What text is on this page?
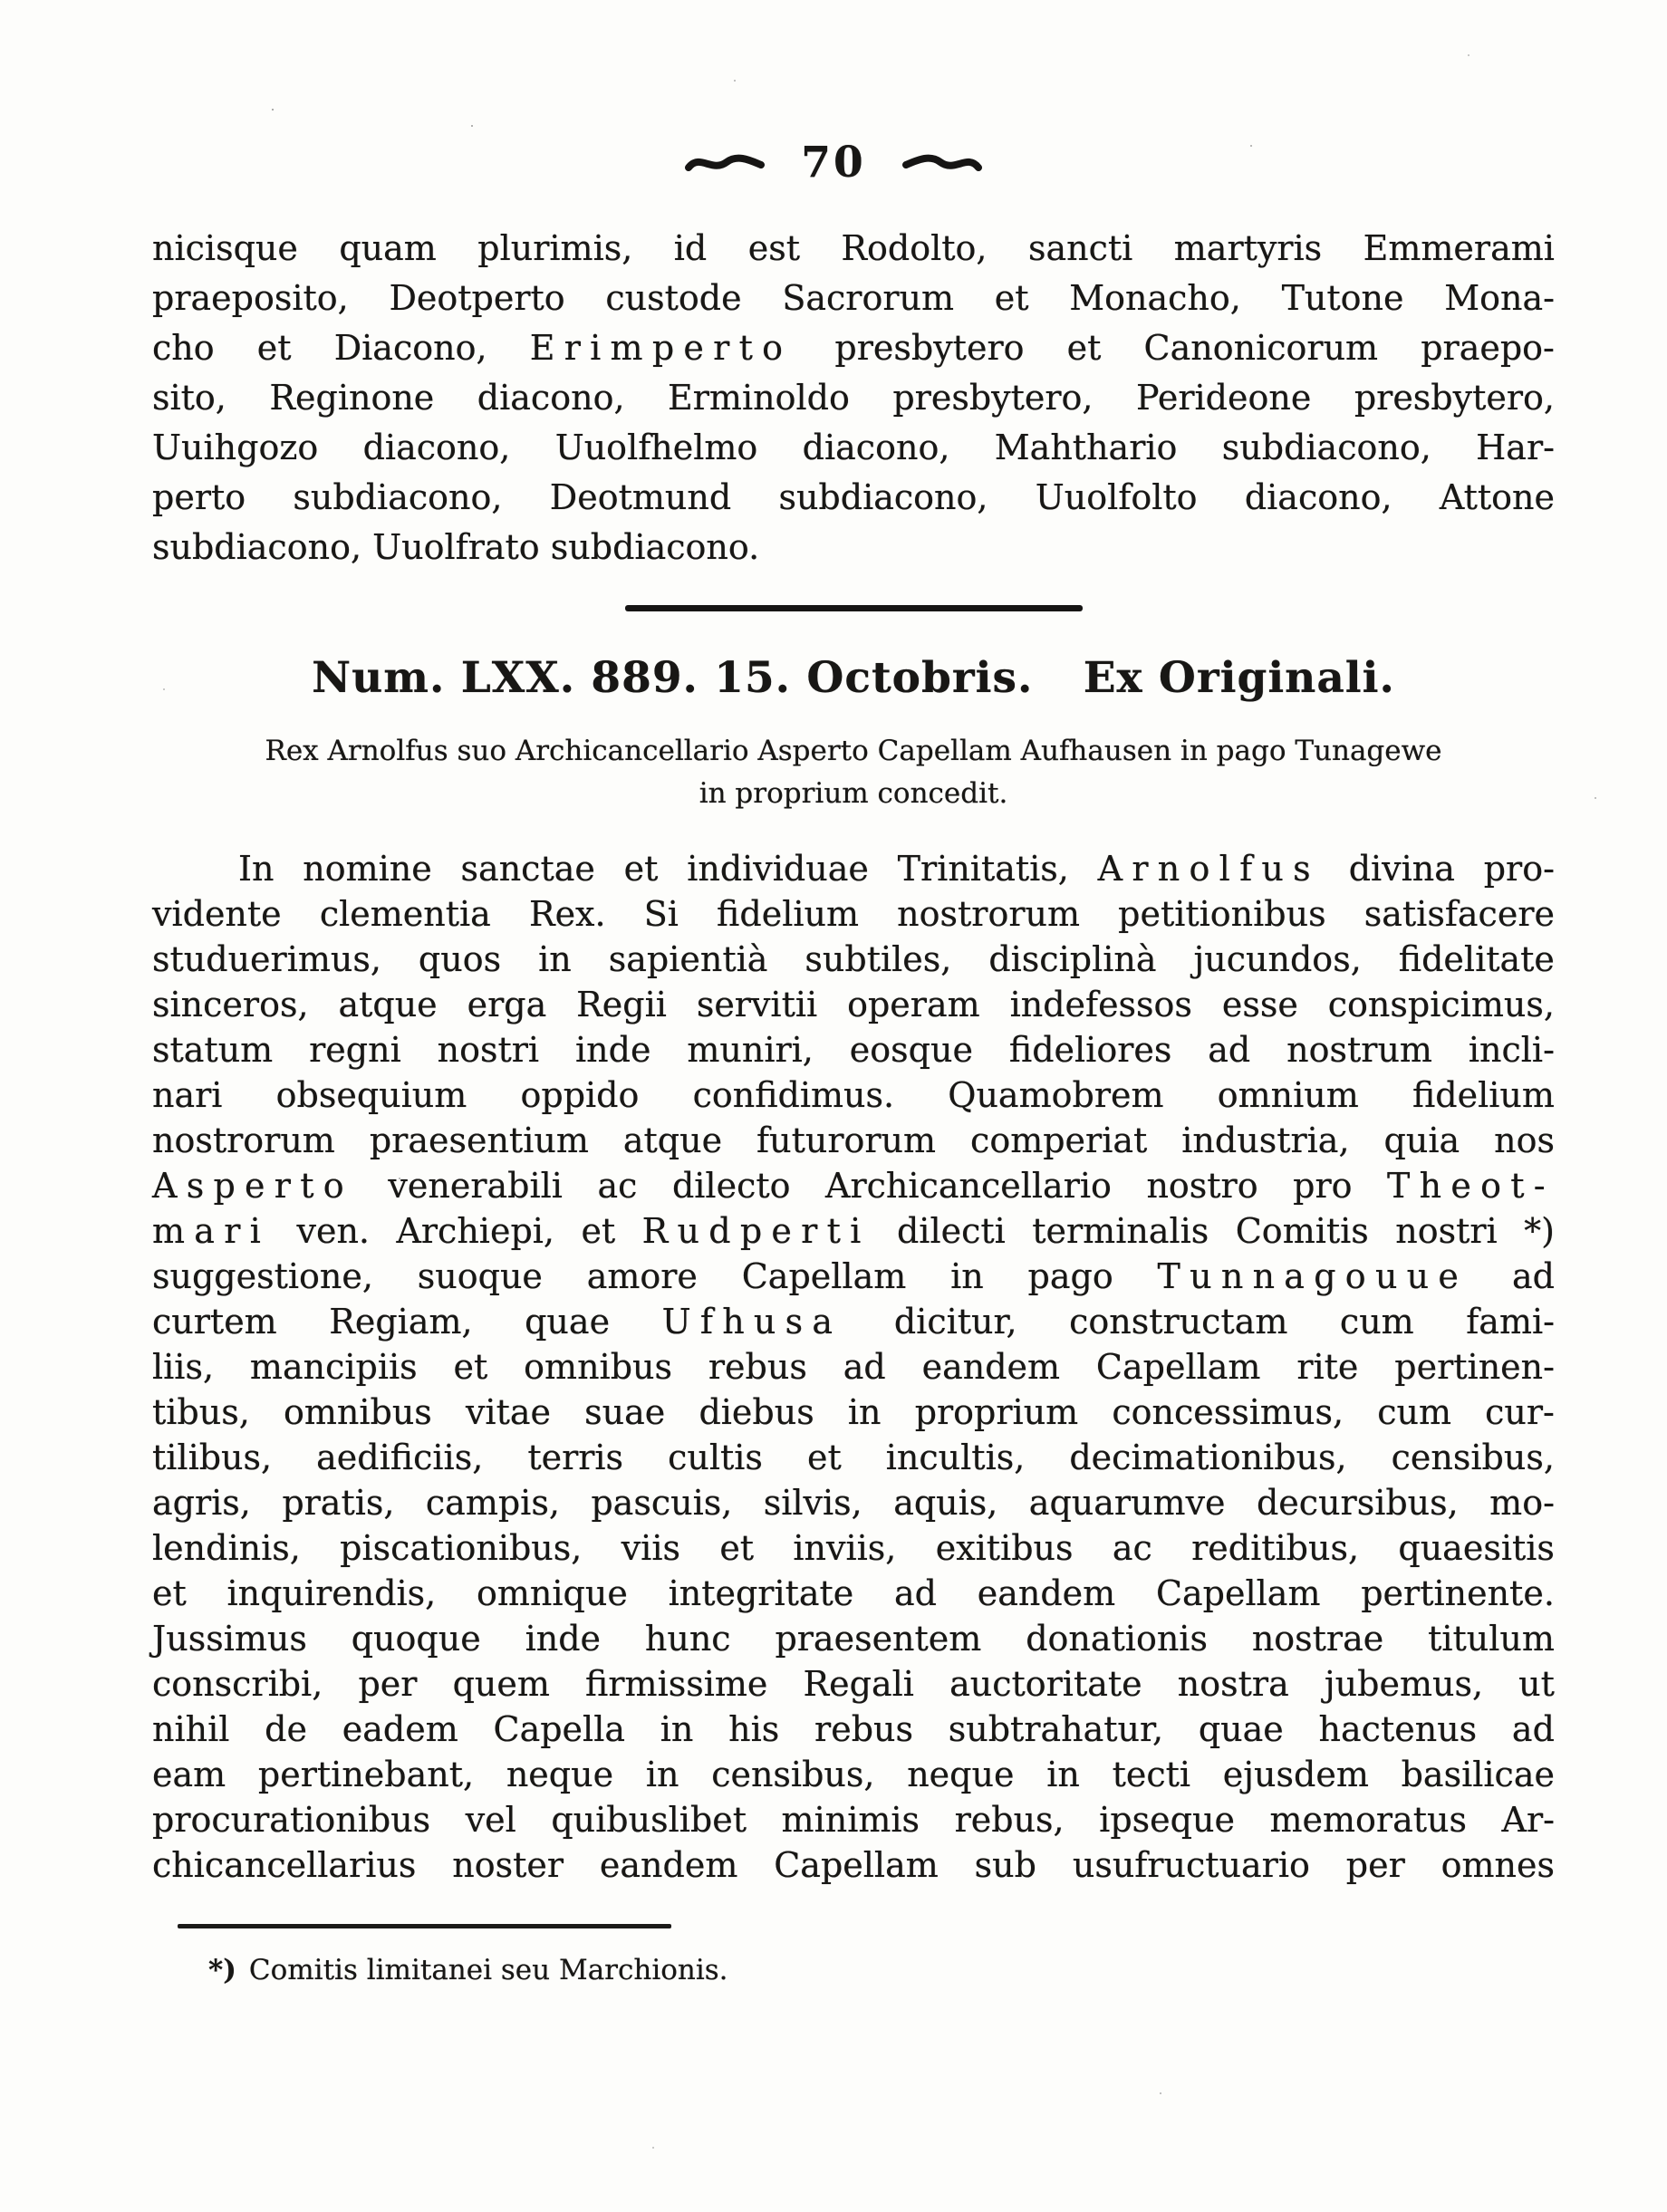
70
nicisque quam plurimis, id est Rodolto, sancti martyris Emmerami
praeposito, Deotperto custode Sacrorum et Monacho, Tutone Mona-
cho et Diacono, Erimperto presbytero et Canonicorum praepo-
sito, Reginone diacono, Erminoldo presbytero, Perideone presbytero,
Uuihgozo diacono, Uuolfhelmo diacono, Mahthario subdiacono, Har-
perto subdiacono, Deotmund subdiacono, Uuolfolto diacono, Attone
subdiacono, Uuolfrato subdiacono.
Num. LXX. 889. 15. Octobris. Ex Originali.
Rex Arnolfus suo Archicancellario Asperto Capellam Aufhausen in pago Tunagewe
in proprium concedit.
In nomine sanctae et individuae Trinitatis, Arnolfus divina pro-
vidente clementia Rex. Si fidelium nostrorum petitionibus satisfacere
studuerimus, quos in sapientià subtiles, disciplinà jucundos, fidelitate
sinceros, atque erga Regii servitii operam indefessos esse conspicimus,
statum regni nostri inde muniri, eosque fideliores ad nostrum incli-
nari obsequium oppido confidimus. Quamobrem omnium fidelium
nostrorum praesentium atque futurorum comperiat industria, quia nos
Asperto venerabili ac dilecto Archicancellario nostro pro Theot-
mari ven. Archiepi, et Rudperti dilecti terminalis Comitis nostri *)
suggestione, suoque amore Capellam in pago Tunnagouue ad
curtem Regiam, quae Ufhusa dicitur, constructam cum fami-
liis, mancipiis et omnibus rebus ad eandem Capellam rite pertinen-
tibus, omnibus vitae suae diebus in proprium concessimus, cum cur-
tilibus, aedificiis, terris cultis et incultis, decimationibus, censibus,
agris, pratis, campis, pascuis, silvis, aquis, aquarumve decursibus, mo-
lendinis, piscationibus, viis et inviis, exitibus ac reditibus, quaesitis
et inquirendis, omnique integritate ad eandem Capellam pertinente.
Jussimus quoque inde hunc praesentem donationis nostrae titulum
conscribi, per quem firmissime Regali auctoritate nostra jubemus, ut
nihil de eadem Capella in his rebus subtrahatur, quae hactenus ad
eam pertinebant, neque in censibus, neque in tecti ejusdem basilicae
procurationibus vel quibuslibet minimis rebus, ipseque memoratus Ar-
chicancellarius noster eandem Capellam sub usufructuario per omnes
*) Comitis limitanei seu Marchionis.
